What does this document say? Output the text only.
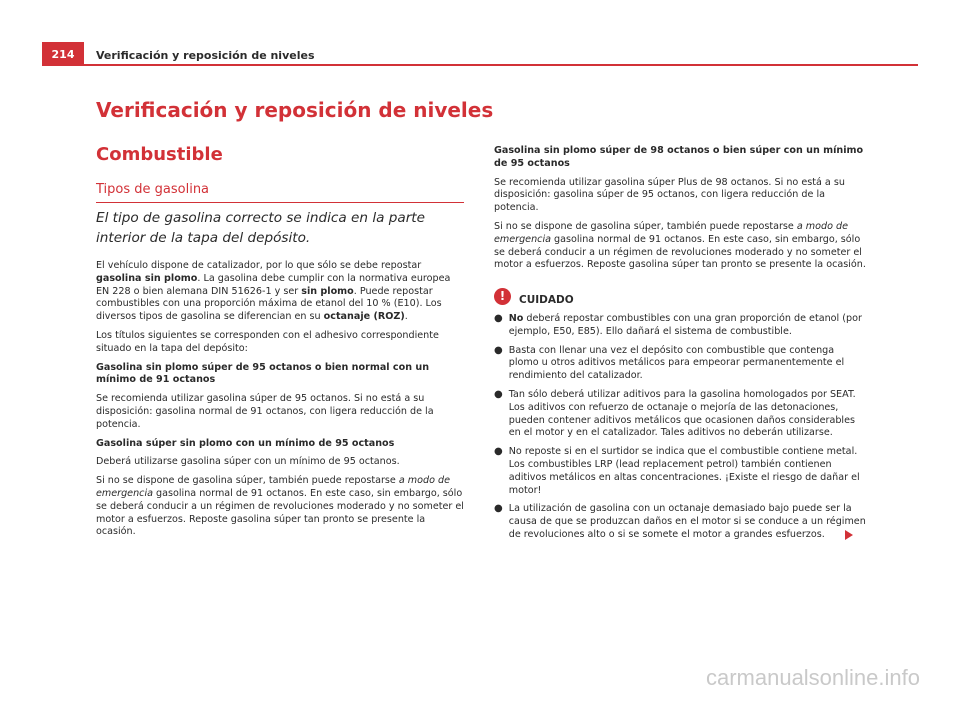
214	Verificación y reposición de niveles
Verificación y reposición de niveles
Combustible
Tipos de gasolina
El tipo de gasolina correcto se indica en la parte interior de la tapa del depósito.

El vehículo dispone de catalizador, por lo que sólo se debe repostar gasolina sin plomo. La gasolina debe cumplir con la normativa europea EN 228 o bien alemana DIN 51626-1 y ser sin plomo. Puede repostar combustibles con una proporción máxima de etanol del 10 % (E10). Los diversos tipos de gasolina se diferencian en su octanaje (ROZ).

Los títulos siguientes se corresponden con el adhesivo correspondiente situado en la tapa del depósito:

Gasolina sin plomo súper de 95 octanos o bien normal con un mínimo de 91 octanos

Se recomienda utilizar gasolina súper de 95 octanos. Si no está a su disposición: gasolina normal de 91 octanos, con ligera reducción de la potencia.

Gasolina súper sin plomo con un mínimo de 95 octanos

Deberá utilizarse gasolina súper con un mínimo de 95 octanos.

Si no se dispone de gasolina súper, también puede repostarse a modo de emergencia gasolina normal de 91 octanos. En este caso, sin embargo, sólo se deberá conducir a un régimen de revoluciones moderado y no someter el motor a esfuerzos. Reposte gasolina súper tan pronto se presente la ocasión.

Gasolina sin plomo súper de 98 octanos o bien súper con un mínimo de 95 octanos

Se recomienda utilizar gasolina súper Plus de 98 octanos. Si no está a su disposición: gasolina súper de 95 octanos, con ligera reducción de la potencia.

Si no se dispone de gasolina súper, también puede repostarse a modo de emergencia gasolina normal de 91 octanos. En este caso, sin embargo, sólo se deberá conducir a un régimen de revoluciones moderado y no someter el motor a esfuerzos. Reposte gasolina súper tan pronto se presente la ocasión.

!	CUIDADO
● No deberá repostar combustibles con una gran proporción de etanol (por ejemplo, E50, E85). Ello dañará el sistema de combustible.
● Basta con llenar una vez el depósito con combustible que contenga plomo u otros aditivos metálicos para empeorar permanentemente el rendimiento del catalizador.
● Tan sólo deberá utilizar aditivos para la gasolina homologados por SEAT. Los aditivos con refuerzo de octanaje o mejoría de las detonaciones, pueden contener aditivos metálicos que ocasionen daños considerables en el motor y en el catalizador. Tales aditivos no deberán utilizarse.
● No reposte si en el surtidor se indica que el combustible contiene metal. Los combustibles LRP (lead replacement petrol) también contienen aditivos metálicos en altas concentraciones. ¡Existe el riesgo de dañar el motor!
● La utilización de gasolina con un octanaje demasiado bajo puede ser la causa de que se produzcan daños en el motor si se conduce a un régimen de revoluciones alto o si se somete el motor a grandes esfuerzos.
carmanualsonline.info
